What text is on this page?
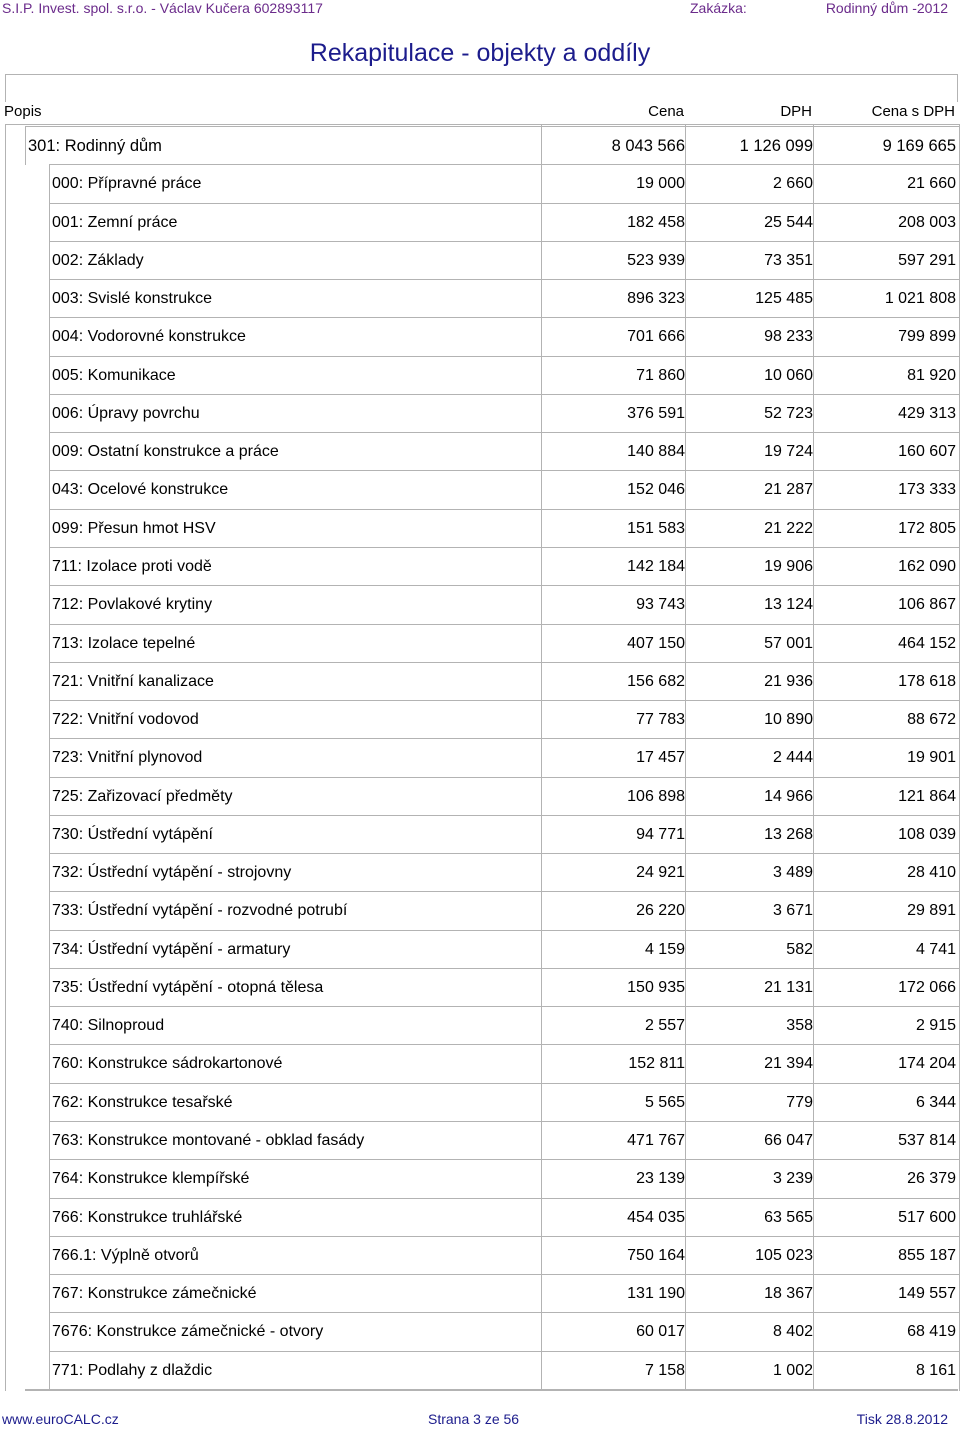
S.I.P. Invest. spol. s.r.o. - Václav Kučera 602893117	Zakázka:	Rodinný dům -2012
Rekapitulace - objekty a oddíly
Popis	Cena	DPH	Cena s DPH
301: Rodinný dům	8 043 566	1 126 099	9 169 665
000: Přípravné práce	19 000	2 660	21 660
001: Zemní práce	182 458	25 544	208 003
002: Základy	523 939	73 351	597 291
003: Svislé konstrukce	896 323	125 485	1 021 808
004: Vodorovné konstrukce	701 666	98 233	799 899
005: Komunikace	71 860	10 060	81 920
006: Úpravy povrchu	376 591	52 723	429 313
009: Ostatní konstrukce a práce	140 884	19 724	160 607
043: Ocelové konstrukce	152 046	21 287	173 333
099: Přesun hmot HSV	151 583	21 222	172 805
711: Izolace proti vodě	142 184	19 906	162 090
712: Povlakové krytiny	93 743	13 124	106 867
713: Izolace tepelné	407 150	57 001	464 152
721: Vnitřní kanalizace	156 682	21 936	178 618
722: Vnitřní vodovod	77 783	10 890	88 672
723: Vnitřní plynovod	17 457	2 444	19 901
725: Zařizovací předměty	106 898	14 966	121 864
730: Ústřední vytápění	94 771	13 268	108 039
732: Ústřední vytápění - strojovny	24 921	3 489	28 410
733: Ústřední vytápění - rozvodné potrubí	26 220	3 671	29 891
734: Ústřední vytápění - armatury	4 159	582	4 741
735: Ústřední vytápění - otopná tělesa	150 935	21 131	172 066
740: Silnoproud	2 557	358	2 915
760: Konstrukce sádrokartonové	152 811	21 394	174 204
762: Konstrukce tesařské	5 565	779	6 344
763: Konstrukce montované - obklad fasády	471 767	66 047	537 814
764: Konstrukce klempířské	23 139	3 239	26 379
766: Konstrukce truhlářské	454 035	63 565	517 600
766.1: Výplně otvorů	750 164	105 023	855 187
767: Konstrukce zámečnické	131 190	18 367	149 557
7676: Konstrukce zámečnické - otvory	60 017	8 402	68 419
771: Podlahy z dlaždic	7 158	1 002	8 161
www.euroCALC.cz	Strana 3 ze 56	Tisk 28.8.2012
